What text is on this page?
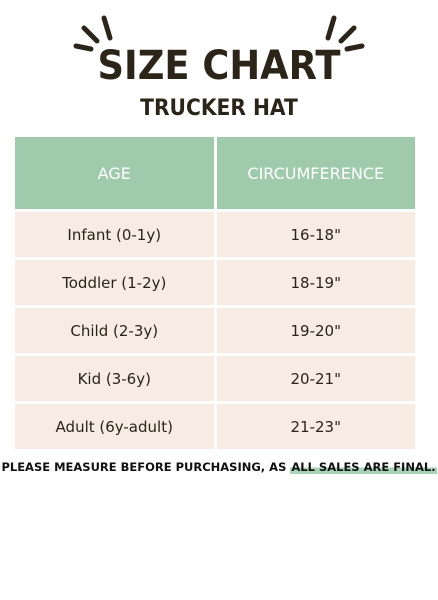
SIZE CHART
TRUCKER HAT
AGE	CIRCUMFERENCE
Infant (0-1y)	16-18"
Toddler (1-2y)	18-19"
Child (2-3y)	19-20"
Kid (3-6y)	20-21"
Adult (6y-adult)	21-23"
PLEASE MEASURE BEFORE PURCHASING, AS ALL SALES ARE FINAL.
